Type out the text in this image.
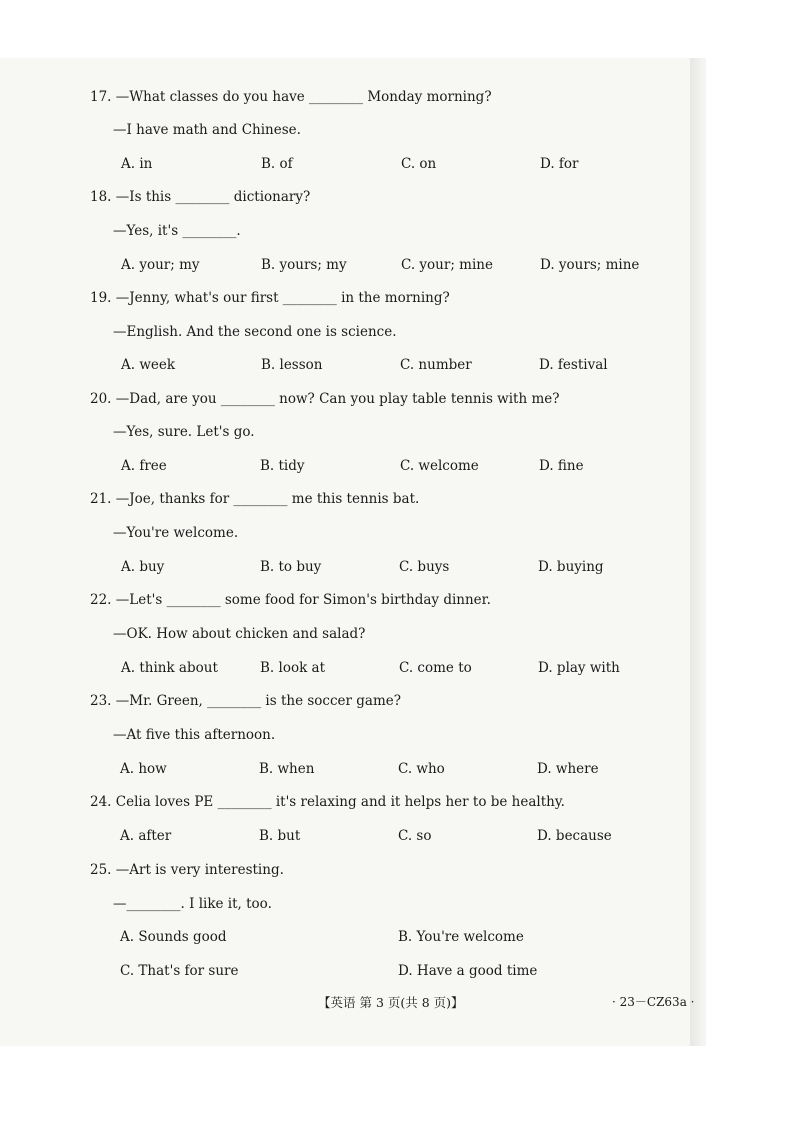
17. —What classes do you have ________ Monday morning?
—I have math and Chinese.
A. in	B. of	C. on	D. for
18. —Is this ________ dictionary?
—Yes, it's ________.
A. your; my	B. yours; my	C. your; mine	D. yours; mine
19. —Jenny, what's our first ________ in the morning?
—English. And the second one is science.
A. week	B. lesson	C. number	D. festival
20. —Dad, are you ________ now? Can you play table tennis with me?
—Yes, sure. Let's go.
A. free	B. tidy	C. welcome	D. fine
21. —Joe, thanks for ________ me this tennis bat.
—You're welcome.
A. buy	B. to buy	C. buys	D. buying
22. —Let's ________ some food for Simon's birthday dinner.
—OK. How about chicken and salad?
A. think about	B. look at	C. come to	D. play with
23. —Mr. Green, ________ is the soccer game?
—At five this afternoon.
A. how	B. when	C. who	D. where
24. Celia loves PE ________ it's relaxing and it helps her to be healthy.
A. after	B. but	C. so	D. because
25. —Art is very interesting.
—________. I like it, too.
A. Sounds good	B. You're welcome
C. That's for sure	D. Have a good time
【英语 第 3 页(共 8 页)】	· 23－CZ63a ·
